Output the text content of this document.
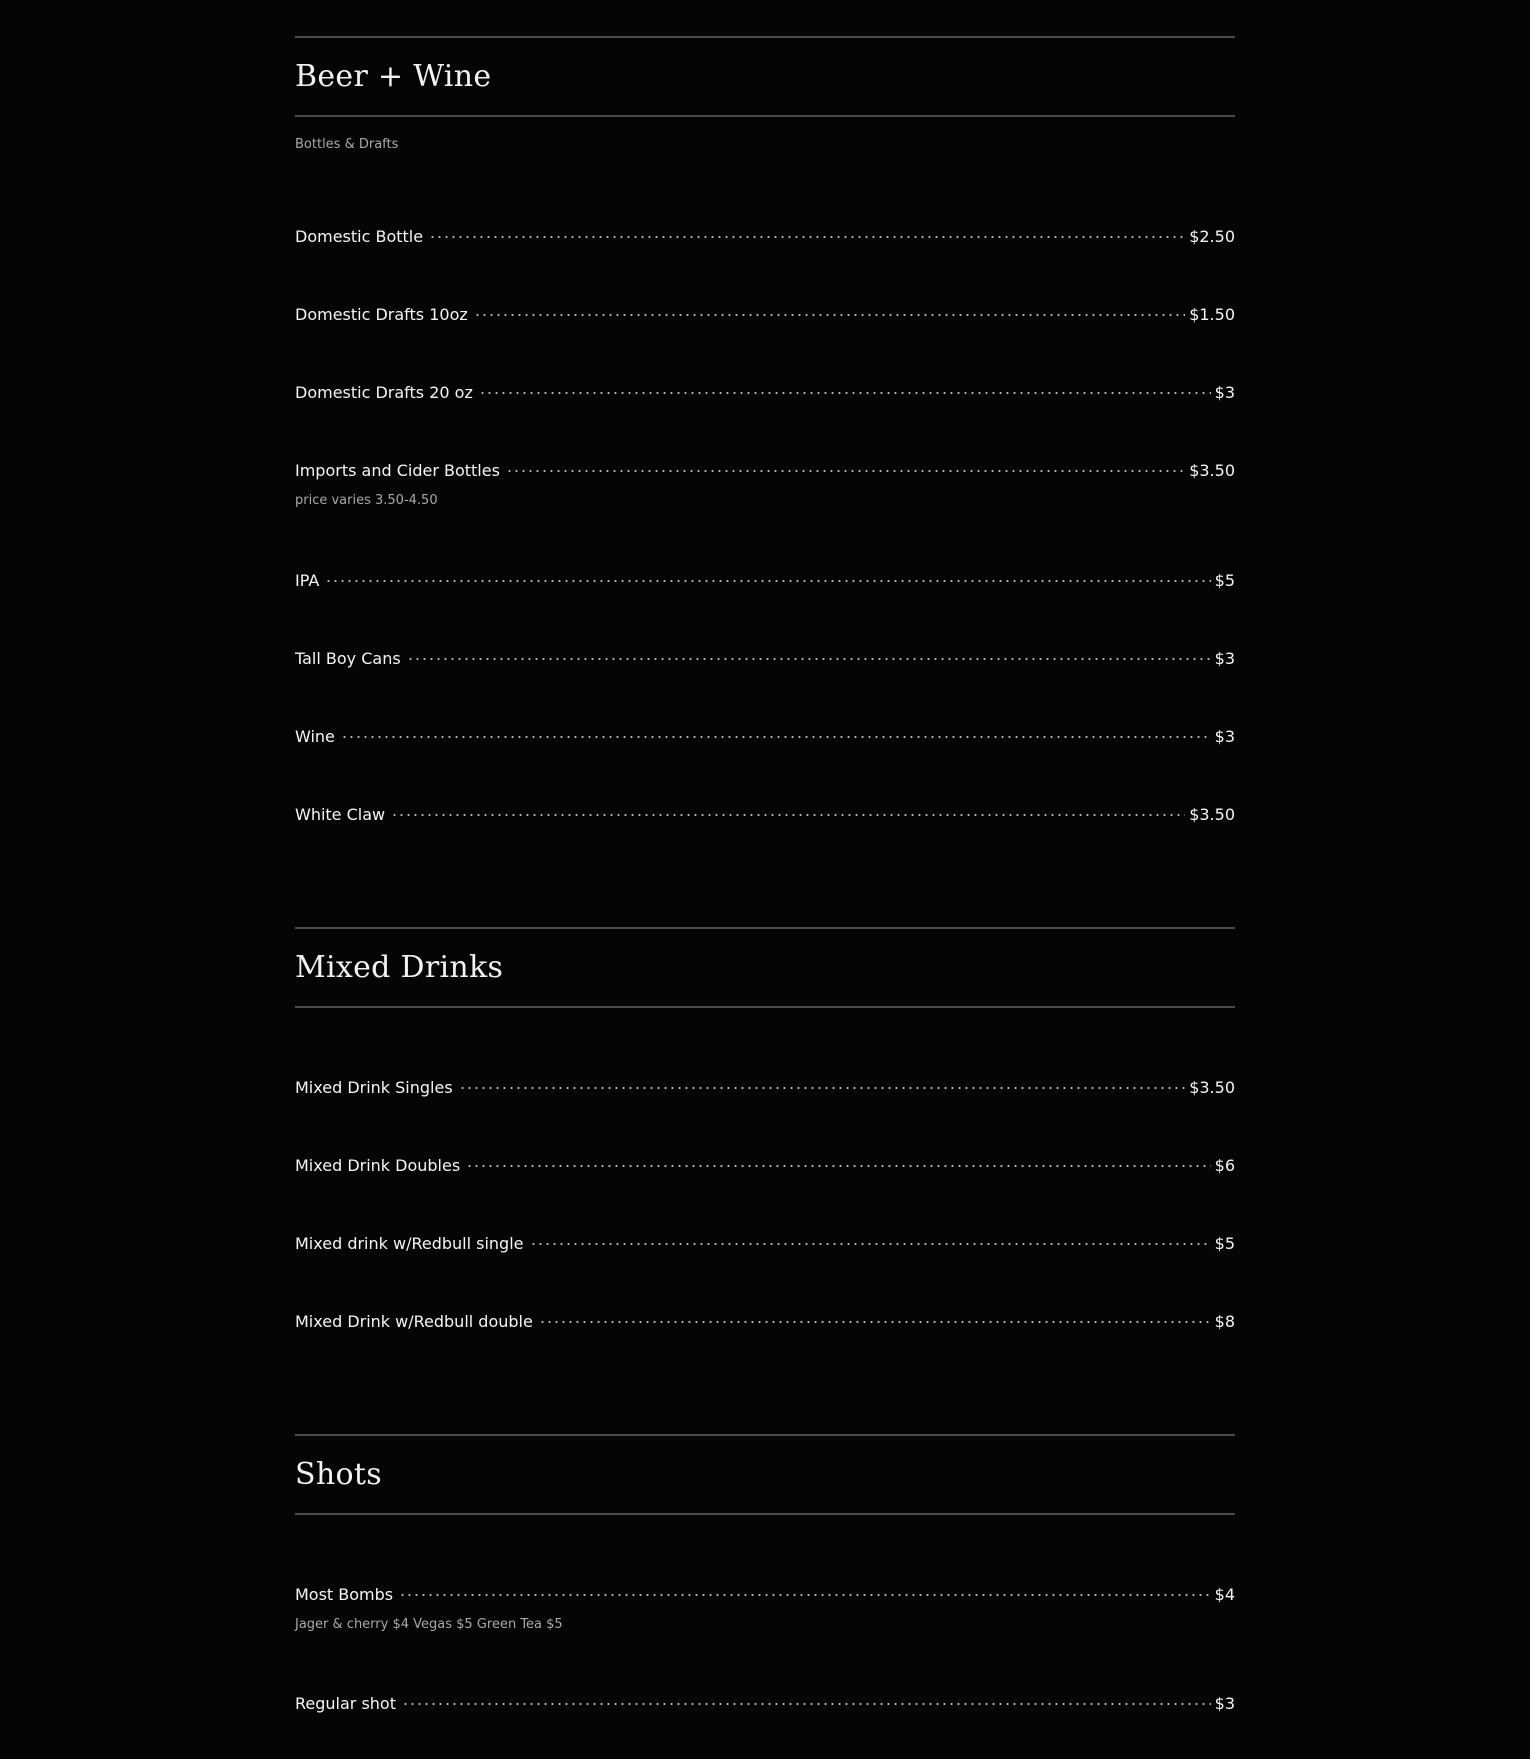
Beer + Wine
Bottles & Drafts
Domestic Bottle	$2.50
Domestic Drafts 10oz	$1.50
Domestic Drafts 20 oz	$3
Imports and Cider Bottles	$3.50
price varies 3.50-4.50
IPA	$5
Tall Boy Cans	$3
Wine	$3
White Claw	$3.50
Mixed Drinks
Mixed Drink Singles	$3.50
Mixed Drink Doubles	$6
Mixed drink w/Redbull single	$5
Mixed Drink w/Redbull double	$8
Shots
Most Bombs	$4
Jager & cherry $4 Vegas $5 Green Tea $5
Regular shot	$3
